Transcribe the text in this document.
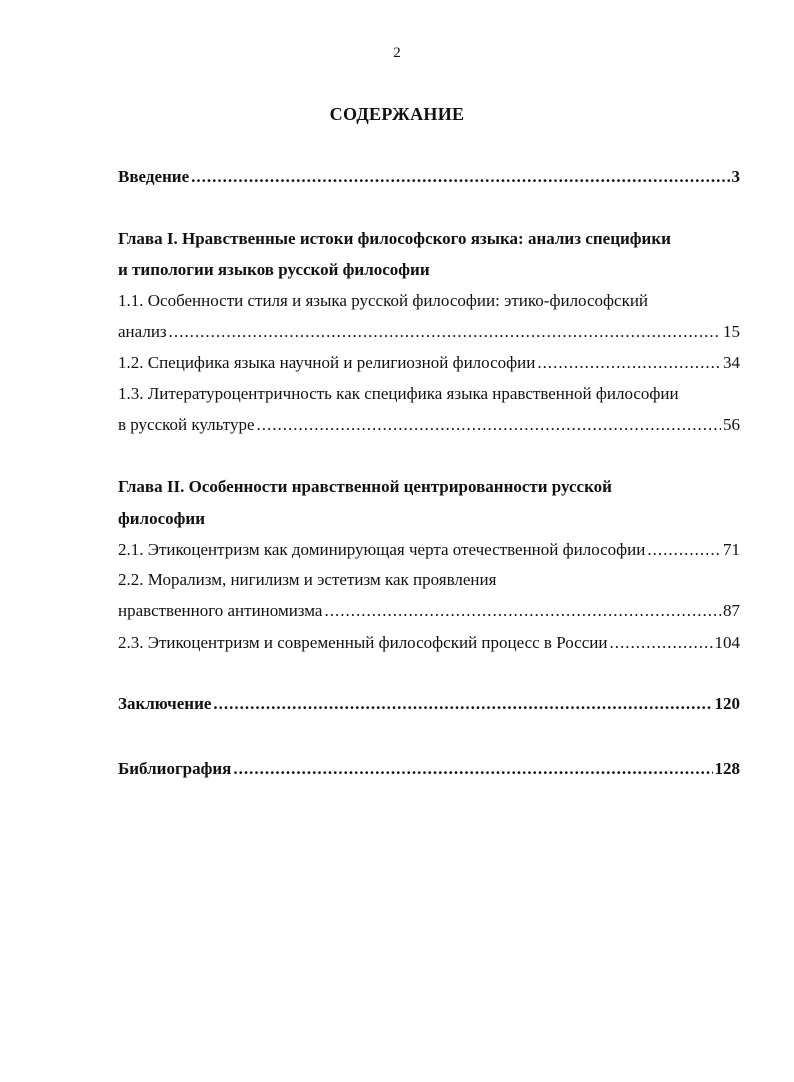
2
СОДЕРЖАНИЕ
Введение .....	3
Глава I. Нравственные истоки философского языка: анализ специфики
и типологии языков русской философии
1.1. Особенности стиля и языка русской философии: этико-философский
анализ .....	15
1.2. Специфика языка научной и религиозной философии .....	34
1.3. Литературоцентричность как специфика языка нравственной философии
в русской культуре .....	56
Глава II. Особенности нравственной центрированности русской
философии
2.1. Этикоцентризм как доминирующая черта отечественной философии .....	71
2.2. Морализм, нигилизм и эстетизм как проявления
нравственного антиномизма .....	87
2.3. Этикоцентризм и современный философский процесс в России .....	104
Заключение .....	120
Библиография .....	128
